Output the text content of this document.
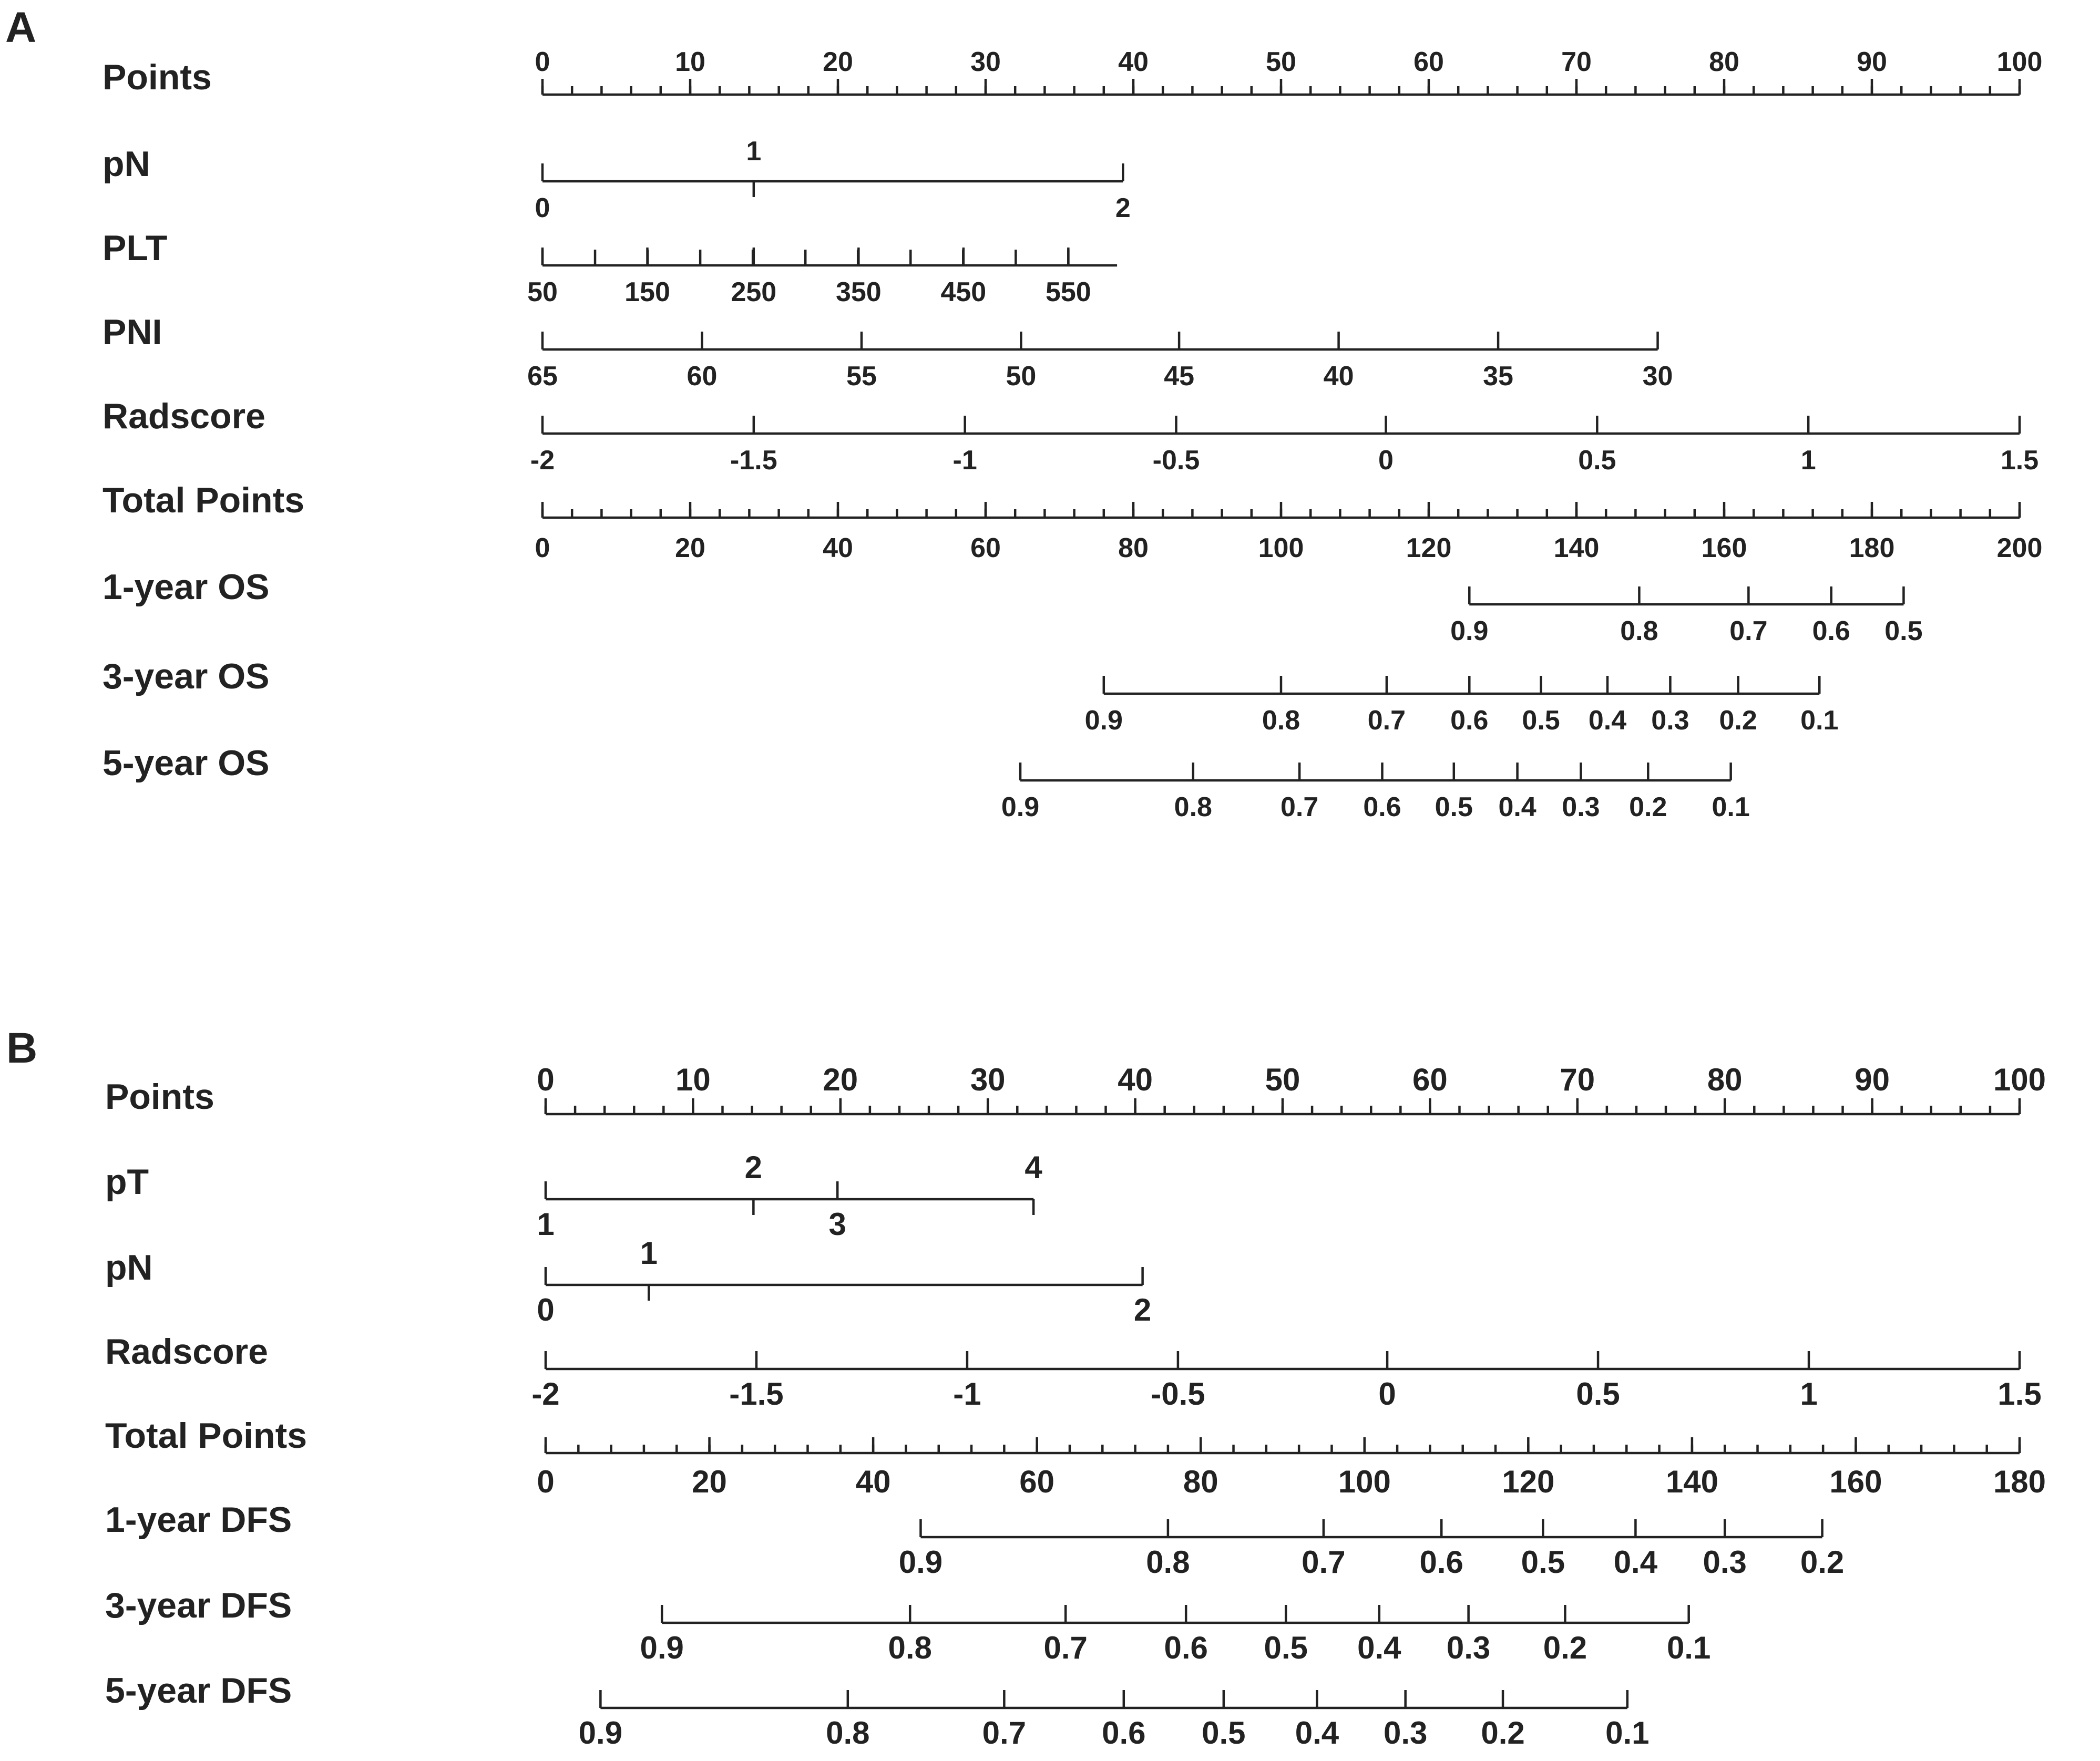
A
Points	0	10	20	30	40	50	60	70	80	90	100
pN
0
1
2
PLT
50 150 250 350 450 550
PNI
65	60	55	50	45	40	35	30
Radscore
-2	-1.5	-1	-0.5	0	0.5	1	1.5
Total Points
0	20	40	60	80	100	120	140	160	180	200
1-year OS
0.9	0.8	0.7 0.6 0.5
3-year OS
0.9	0.8 0.7 0.6 0.5 0.4 0.3 0.2 0.1
5-year OS
0.9	0.8	0.7 0.6 0.5 0.4 0.3 0.2 0.1
B
Points	0	10	20	30	40	50	60	70	80	90	100
pT
1
2
3
4
pN
0
1
2
Radscore
-2	-1.5	-1	-0.5	0	0.5	1	1.5
Total Points
0	20	40	60	80	100	120	140	160	180
1-year DFS
0.9	0.8	0.7 0.6 0.5 0.4 0.3 0.2
3-year DFS
0.9	0.8	0.7 0.6 0.5 0.4 0.3 0.2	0.1
5-year DFS
0.9	0.8	0.7 0.6 0.5 0.4 0.3 0.2	0.1
